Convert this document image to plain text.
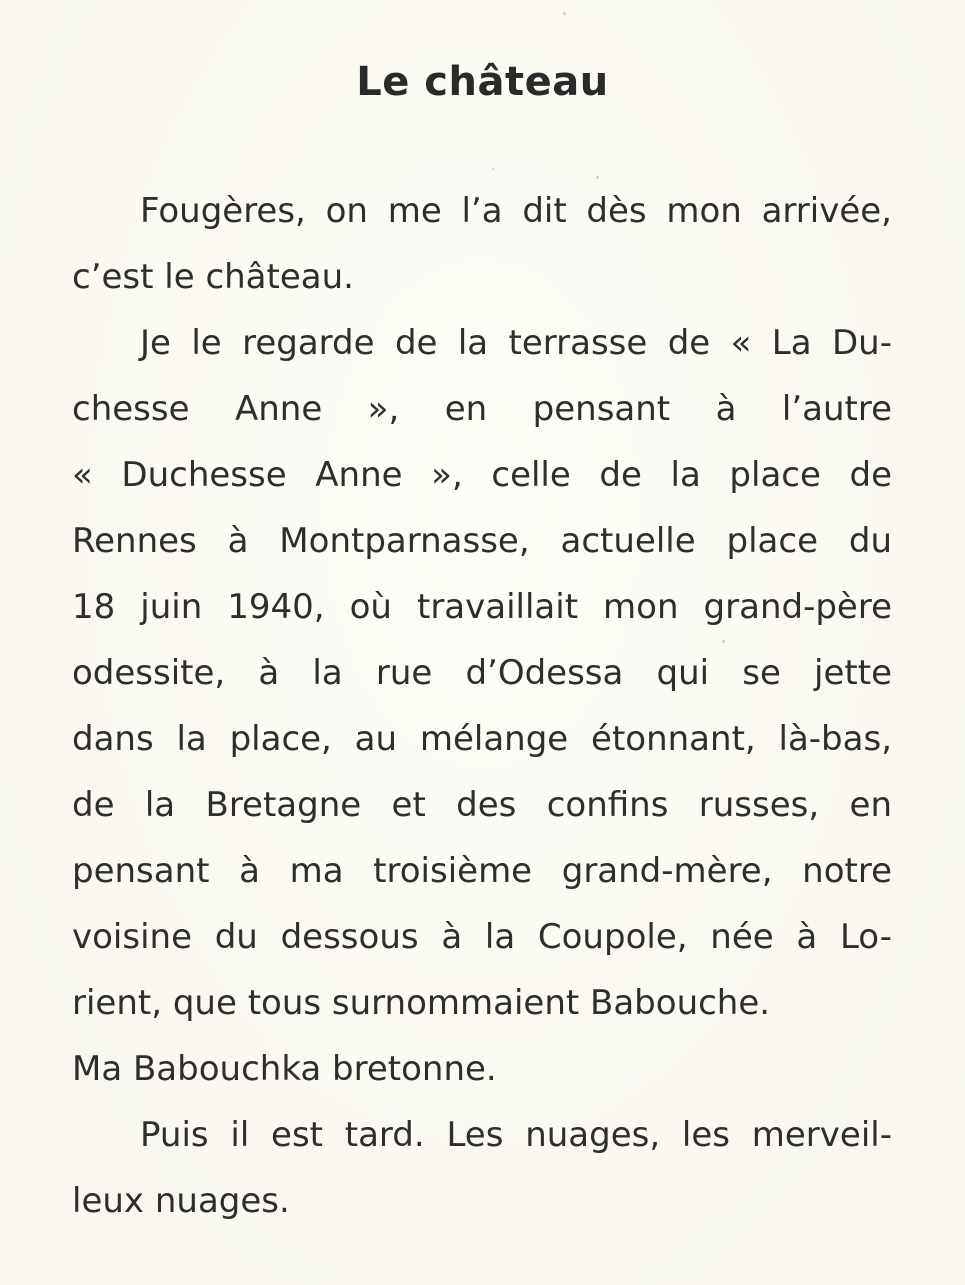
Le château
Fougères, on me l’a dit dès mon arrivée,
c’est le château.
Je le regarde de la terrasse de « La Du-
chesse Anne », en pensant à l’autre
« Duchesse Anne », celle de la place de
Rennes à Montparnasse, actuelle place du
18 juin 1940, où travaillait mon grand-père
odessite, à la rue d’Odessa qui se jette
dans la place, au mélange étonnant, là-bas,
de la Bretagne et des confins russes, en
pensant à ma troisième grand-mère, notre
voisine du dessous à la Coupole, née à Lo-
rient, que tous surnommaient Babouche.
Ma Babouchka bretonne.
Puis il est tard. Les nuages, les merveil-
leux nuages.
